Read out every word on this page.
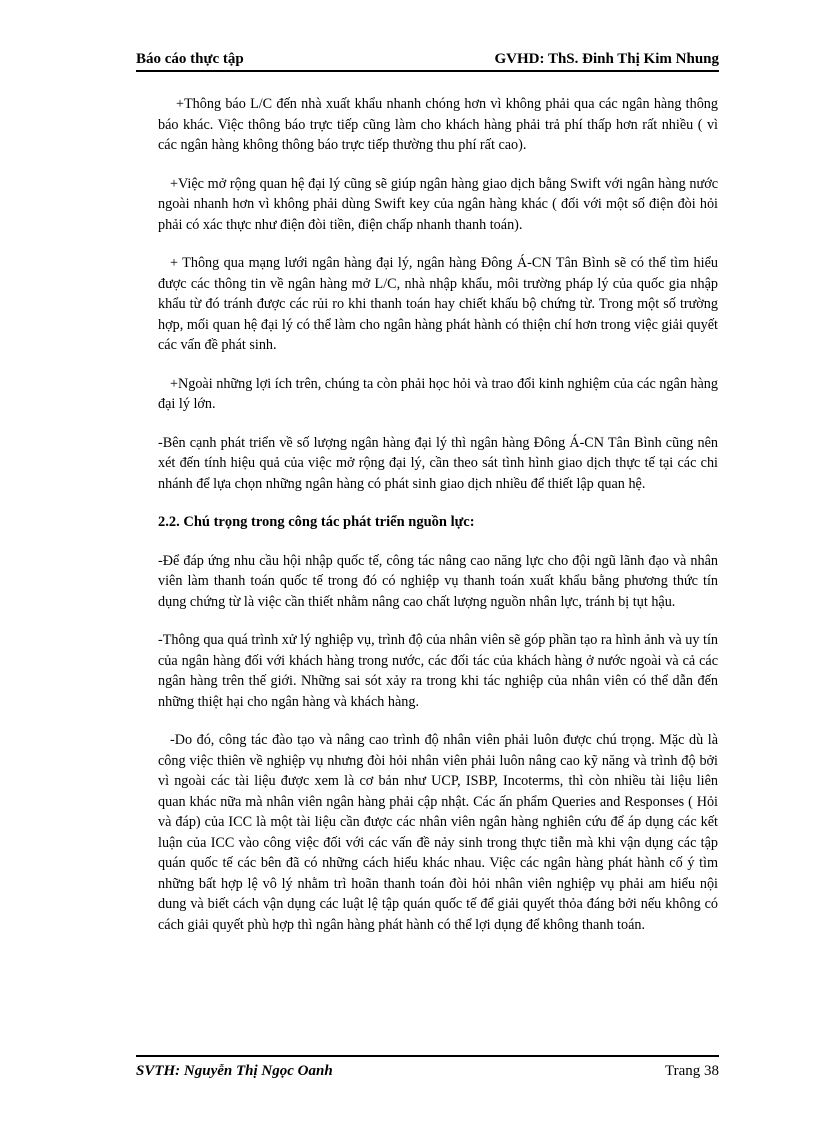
Báo cáo thực tập	GVHD: ThS. Đinh Thị Kim Nhung

+Thông báo L/C đến nhà xuất khẩu nhanh chóng hơn vì không phải qua các ngân hàng thông báo khác. Việc thông báo trực tiếp cũng làm cho khách hàng phải trả phí thấp hơn rất nhiều ( vì các ngân hàng không thông báo trực tiếp thường thu phí rất cao).

+Việc mở rộng quan hệ đại lý cũng sẽ giúp ngân hàng giao dịch bằng Swift với ngân hàng nước ngoài nhanh hơn vì không phải dùng Swift key của ngân hàng khác ( đối với một số điện đòi hỏi phải có xác thực như điện đòi tiền, điện chấp nhanh thanh toán).

+ Thông qua mạng lưới ngân hàng đại lý, ngân hàng Đông Á-CN Tân Bình sẽ có thể tìm hiểu được các thông tin về ngân hàng mở L/C, nhà nhập khẩu, môi trường pháp lý của quốc gia nhập khẩu từ đó tránh được các rủi ro khi thanh toán hay chiết khấu bộ chứng từ. Trong một số trường hợp, mối quan hệ đại lý có thể làm cho ngân hàng phát hành có thiện chí hơn trong việc giải quyết các vấn đề phát sinh.

+Ngoài những lợi ích trên, chúng ta còn phải học hỏi và trao đổi kinh nghiệm của các ngân hàng đại lý lớn.

-Bên cạnh phát triển về số lượng ngân hàng đại lý thì ngân hàng Đông Á-CN Tân Bình cũng nên xét đến tính hiệu quả của việc mở rộng đại lý, cần theo sát tình hình giao dịch thực tế tại các chi nhánh để lựa chọn những ngân hàng có phát sinh giao dịch nhiều để thiết lập quan hệ.

2.2. Chú trọng trong công tác phát triển nguồn lực:

-Để đáp ứng nhu cầu hội nhập quốc tế, công tác nâng cao năng lực cho đội ngũ lãnh đạo và nhân viên làm thanh toán quốc tế trong đó có nghiệp vụ thanh toán xuất khẩu bằng phương thức tín dụng chứng từ là việc cần thiết nhằm nâng cao chất lượng nguồn nhân lực, tránh bị tụt hậu.

-Thông qua quá trình xử lý nghiệp vụ, trình độ của nhân viên sẽ góp phần tạo ra hình ảnh và uy tín của ngân hàng đối với khách hàng trong nước, các đối tác của khách hàng ở nước ngoài và cả các ngân hàng trên thế giới. Những sai sót xảy ra trong khi tác nghiệp của nhân viên có thể dẫn đến những thiệt hại cho ngân hàng và khách hàng.

-Do đó, công tác đào tạo và nâng cao trình độ nhân viên phải luôn được chú trọng. Mặc dù là công việc thiên về nghiệp vụ nhưng đòi hỏi nhân viên phải luôn nâng cao kỹ năng và trình độ bởi vì ngoài các tài liệu được xem là cơ bản như UCP, ISBP, Incoterms, thì còn nhiều tài liệu liên quan khác nữa mà nhân viên ngân hàng phải cập nhật. Các ấn phẩm Queries and Responses ( Hỏi và đáp) của ICC là một tài liệu cần được các nhân viên ngân hàng nghiên cứu để áp dụng các kết luận của ICC vào công việc đối với các vấn đề nảy sinh trong thực tiễn mà khi vận dụng các tập quán quốc tế các bên đã có những cách hiểu khác nhau. Việc các ngân hàng phát hành cố ý tìm những bất hợp lệ vô lý nhằm trì hoãn thanh toán đòi hỏi nhân viên nghiệp vụ phải am hiểu nội dung và biết cách vận dụng các luật lệ tập quán quốc tế để giải quyết thỏa đáng bởi nếu không có cách giải quyết phù hợp thì ngân hàng phát hành có thể lợi dụng để không thanh toán.

SVTH: Nguyễn Thị Ngọc Oanh	Trang 38
